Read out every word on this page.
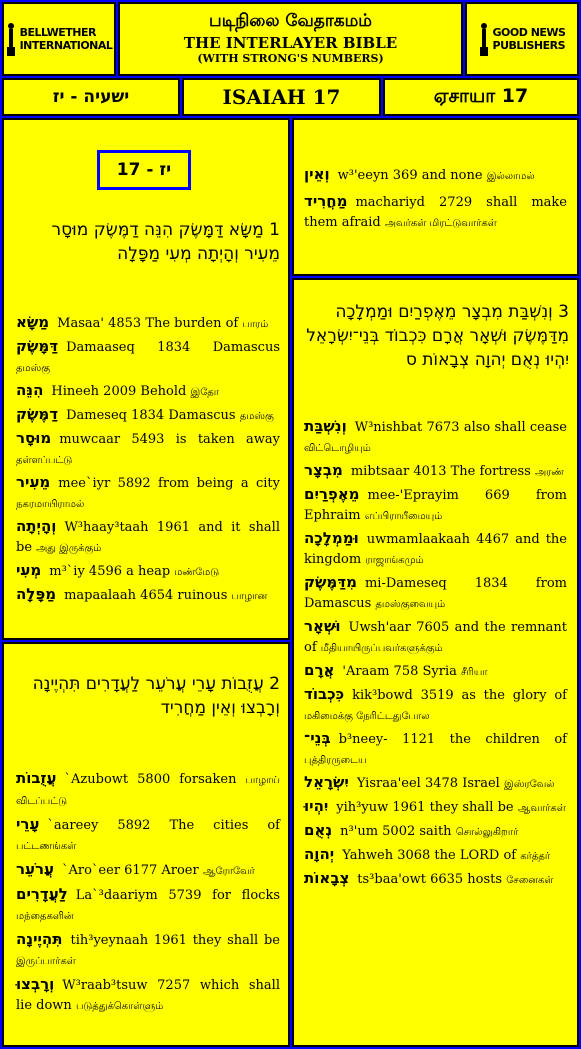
BELLWETHER
INTERNATIONAL
படிநிலை வேதாகமம்
THE INTERLAYER BIBLE
(WITH STRONG'S NUMBERS)
GOOD NEWS
PUBLISHERS
ישעיה - יז	ISAIAH 17	ஏசாயா 17
יז - 17
1 מַשָּׂא דַּמָּשֶׂק הִנֵּה דַמֶּשֶׂק מוּסָר מֵעִיר וְהָיְתָה מְעִי מַפָּלָה
מַשָּׂא Masaa' 4853 The burden of பாரம்
דַּמָּשֶׂק Damaaseq 1834 Damascus தமஸ்கு
הִנֵּה Hineeh 2009 Behold இதோ
דַמֶּשֶׂק Dameseq 1834 Damascus தமஸ்கு
מוּסָר muwcaar 5493 is taken away தள்ளப்பட்டு
מֵעִיר mee`iyr 5892 from being a city நகரமாயிராமல்
וְהָיְתָה W³haay³taah 1961 and it shall be அது இருக்கும்
מְעִי m³`iy 4596 a heap மண்மேடு
מַפָּלָה mapaalaah 4654 ruinous பாழான
2 עֲזֻבוֹת עָרֵי עֲרֹעֵר לַעֲדָרִים תִּהְיֶינָה וְרָבְצוּ וְאֵין מַחֲרִיד
עֲזֻבוֹת `Azubowt 5800 forsaken பாழாய் விடப்பட்டு
עָרֵי `aareey 5892 The cities of பட்டணங்கள்
עֲרֹעֵר `Aro`eer 6177 Aroer ஆரோவேர்
לַעֲדָרִים La`³daariym 5739 for flocks மந்தைகளின்
תִּהְיֶינָה tih³yeynaah 1961 they shall be இருப்பார்கள்
וְרָבְצוּ W³raab³tsuw 7257 which shall lie down படுத்துக்கொள்ளும்
וְאֵין w³'eeyn 369 and none இல்லாமல்
מַחֲרִיד machariyd 2729 shall make them afraid அவர்கள் மிரட்டுவார்கள்
3 וְנִשְׁבַּת מִבְצָר מֵאֶפְרַיִם וּמַמְלָכָה מִדַּמֶּשֶׂק וּשְׁאָר אֲרָם כִּכְבוֹד בְּנֵי־יִשְׂרָאֵל יִהְיוּ נְאֻם יְהוָה צְבָאוֹת ס
וְנִשְׁבַּת W³nishbat 7673 also shall cease விட்டொழியும்
מִבְצָר mibtsaar 4013 The fortress அரண்
מֵאֶפְרַיִם mee-'Eprayim 669 from Ephraim எப்பிராயீமையும்
וּמַמְלָכָה uwmamlaakaah 4467 and the kingdom ராஜாங்கமும்
מִדַּמֶּשֶׂק mi-Dameseq 1834 from Damascus தமஸ்குவையும்
וּשְׁאָר Uwsh'aar 7605 and the remnant of மீதியாயிருப்பவர்களுக்கும்
אֲרָם 'Araam 758 Syria சீரியா
כִּכְבוֹד kik³bowd 3519 as the glory of மகிமைக்கு நேரிட்டதுபோல
בְּנֵי־ b³neey- 1121 the children of புத்திரருடைய
יִשְׂרָאֵל Yisraa'eel 3478 Israel இஸ்ரவேல்
יִהְיוּ yih³yuw 1961 they shall be ஆவார்கள்
נְאֻם n³'um 5002 saith சொல்லுகிறார்
יְהוָה Yahweh 3068 the LORD of கர்த்தர்
צְבָאוֹת ts³baa'owt 6635 hosts சேனைகள்
